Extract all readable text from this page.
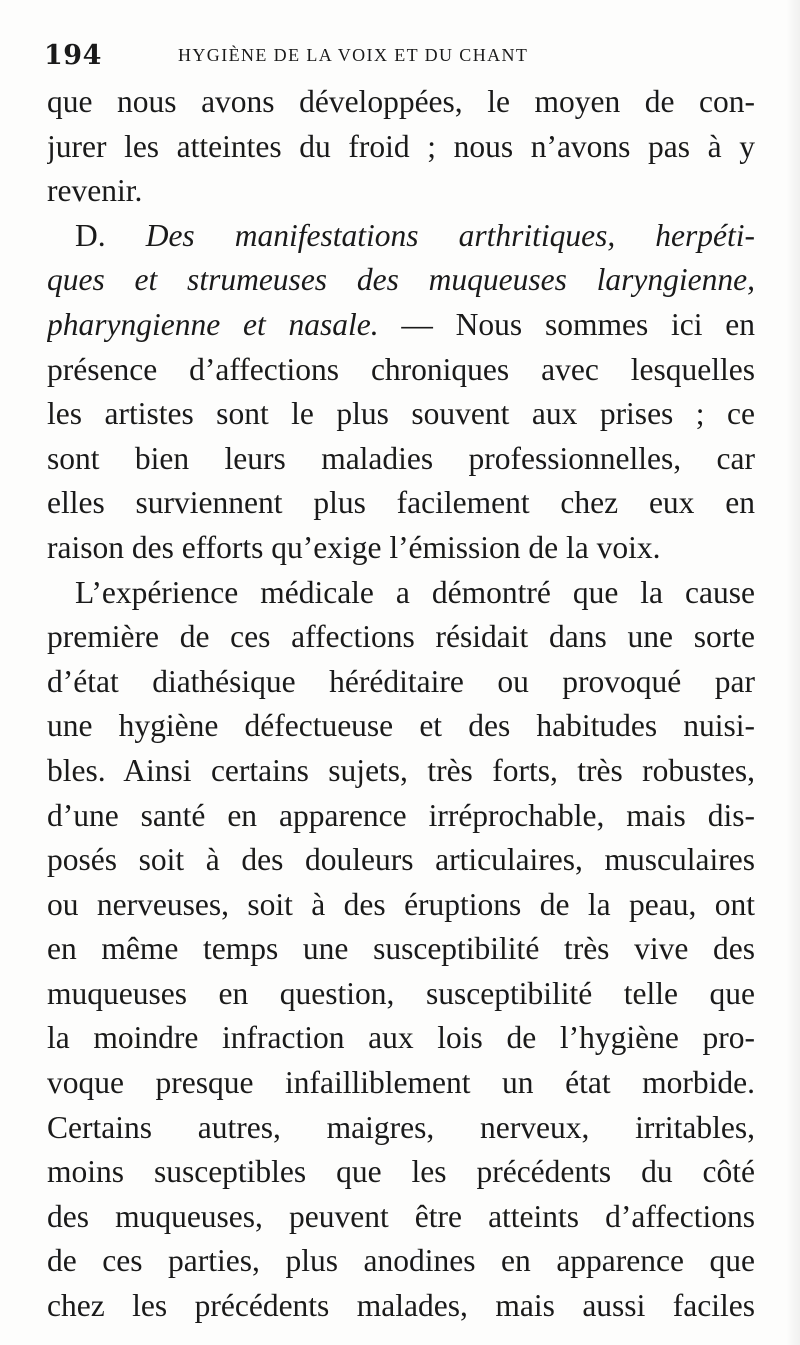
194	HYGIÈNE DE LA VOIX ET DU CHANT
que nous avons développées, le moyen de con-
jurer les atteintes du froid ; nous n’avons pas à y
revenir.
D. Des manifestations arthritiques, herpéti-
ques et strumeuses des muqueuses laryngienne,
pharyngienne et nasale. — Nous sommes ici en
présence d’affections chroniques avec lesquelles
les artistes sont le plus souvent aux prises ; ce
sont bien leurs maladies professionnelles, car
elles surviennent plus facilement chez eux en
raison des efforts qu’exige l’émission de la voix.
L’expérience médicale a démontré que la cause
première de ces affections résidait dans une sorte
d’état diathésique héréditaire ou provoqué par
une hygiène défectueuse et des habitudes nuisi-
bles. Ainsi certains sujets, très forts, très robustes,
d’une santé en apparence irréprochable, mais dis-
posés soit à des douleurs articulaires, musculaires
ou nerveuses, soit à des éruptions de la peau, ont
en même temps une susceptibilité très vive des
muqueuses en question, susceptibilité telle que
la moindre infraction aux lois de l’hygiène pro-
voque presque infailliblement un état morbide.
Certains autres, maigres, nerveux, irritables,
moins susceptibles que les précédents du côté
des muqueuses, peuvent être atteints d’affections
de ces parties, plus anodines en apparence que
chez les précédents malades, mais aussi faciles
